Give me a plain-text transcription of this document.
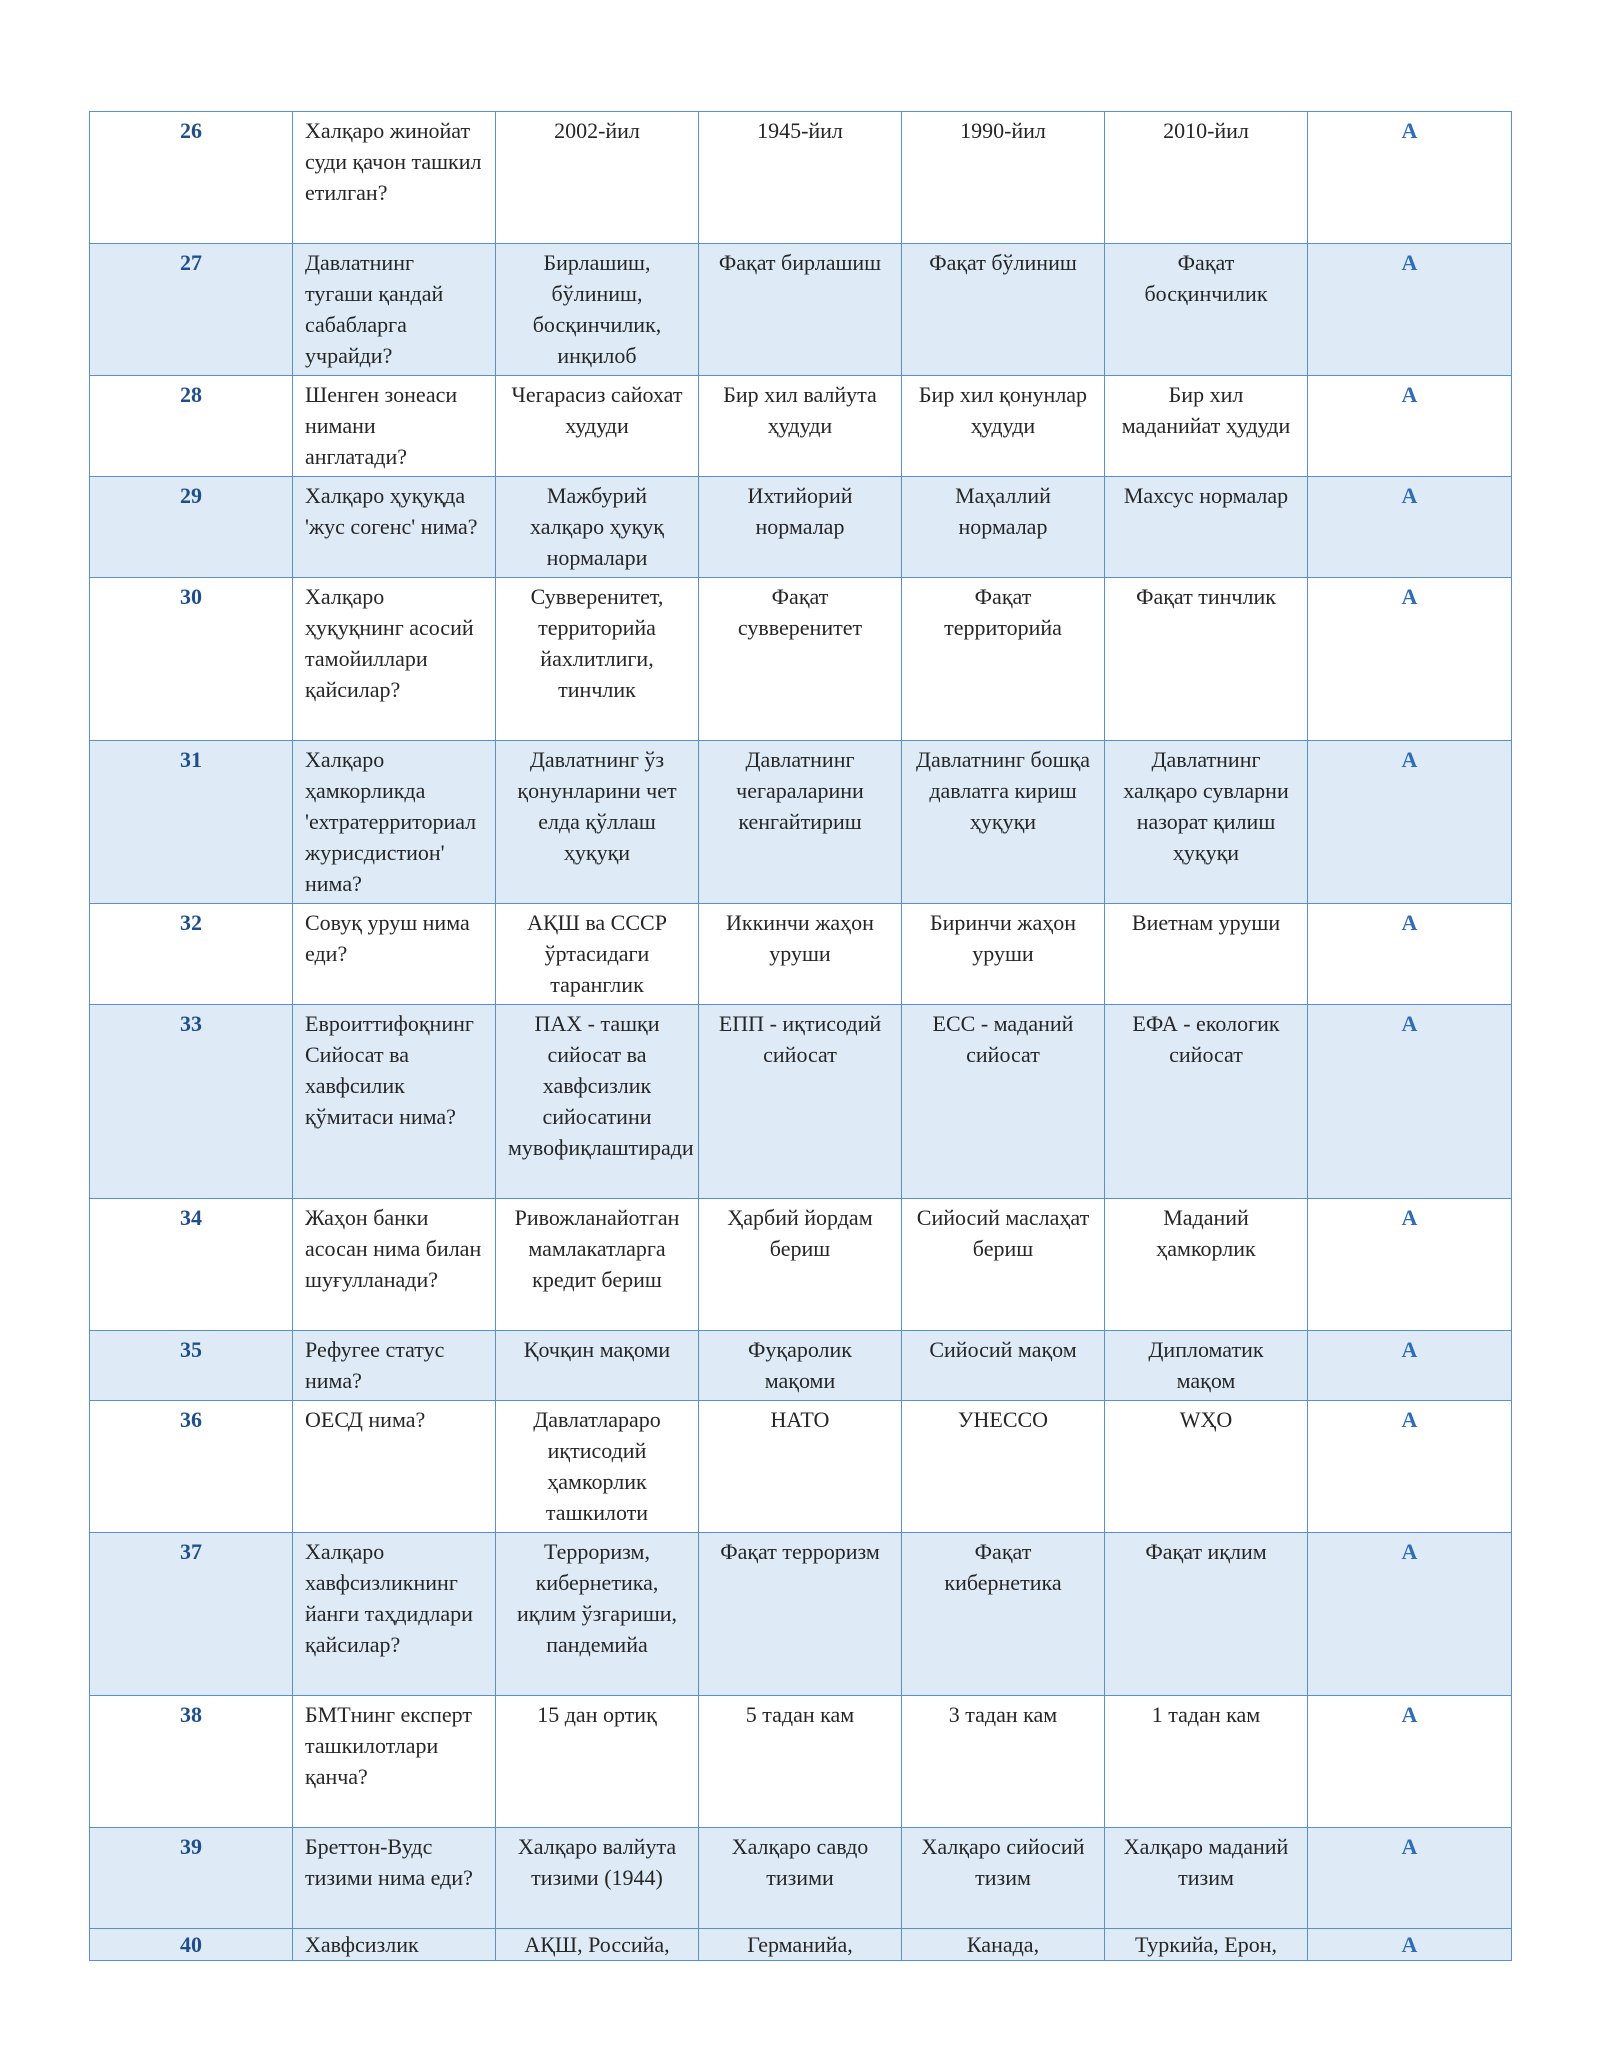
26	Халқаро жинойат суди қачон ташкил етилган?	2002-йил	1945-йил	1990-йил	2010-йил	A
27	Давлатнинг тугаши қандай сабабларга учрайди?	Бирлашиш, бўлиниш, босқинчилик, инқилоб	Фақат бирлашиш	Фақат бўлиниш	Фақат босқинчилик	A
28	Шенген зонеаси нимани англатади?	Чегарасиз сайохат худуди	Бир хил валйута ҳудуди	Бир хил қонунлар ҳудуди	Бир хил маданийат ҳудуди	A
29	Халқаро ҳуқуқда 'жус согенс' нима?	Мажбурий халқаро ҳуқуқ нормалари	Ихтийорий нормалар	Маҳаллий нормалар	Махсус нормалар	A
30	Халқаро ҳуқуқнинг асосий тамойиллари қайсилар?	Суввеpенитет, территорийа йахлитлиги, тинчлик	Фақат суввеpенитет	Фақат территорийа	Фақат тинчлик	A
31	Халқаро ҳамкорликда 'ехтратерриториал журисдистион' нима?	Давлатнинг ўз қонунларини чет елда қўллаш ҳуқуқи	Давлатнинг чегараларини кенгайтириш	Давлатнинг бошқа давлатга кириш ҳуқуқи	Давлатнинг халқаро сувларни назорат қилиш ҳуқуқи	A
32	Совуқ уруш нима еди?	АҚШ ва СССР ўртасидаги таранглик	Иккинчи жаҳон уруши	Биринчи жаҳон уруши	Виетнам уруши	A
33	Евроиттифоқнинг Сийосат ва хавфсилик қўмитаси нима?	ПАХ - ташқи сийосат ва хавфсизлик сийосатини мувофиқлаштиради	ЕПП - иқтисодий сийосат	ЕСС - маданий сийосат	ЕФА - екологик сийосат	A
34	Жаҳон банки асосан нима билан шуғулланади?	Ривожланайотган мамлакатларга кредит бериш	Ҳарбий йордам бериш	Сийосий маслаҳат бериш	Маданий ҳамкорлик	A
35	Рефугее статус нима?	Қочқин мақоми	Фуқаролик мақоми	Сийосий мақом	Дипломатик мақом	A
36	ОЕСД нима?	Давлатлараро иқтисодий ҳамкорлик ташкилоти	НАТО	УНЕССО	WҲО	A
37	Халқаро хавфсизликнинг йанги таҳдидлари қайсилар?	Терроризм, кибернетика, иқлим ўзгариши, пандемийа	Фақат терроризм	Фақат кибернетика	Фақат иқлим	A
38	БМТнинг експерт ташкилотлари қанча?	15 дан ортиқ	5 тадан кам	3 тадан кам	1 тадан кам	A
39	Бреттон-Вудс тизими нима еди?	Халқаро валйута тизими (1944)	Халқаро савдо тизими	Халқаро сийосий тизим	Халқаро маданий тизим	A
40	Хавфсизлик	АҚШ, Российа,	Германийа,	Канада,	Туркийа, Ерон,	A
